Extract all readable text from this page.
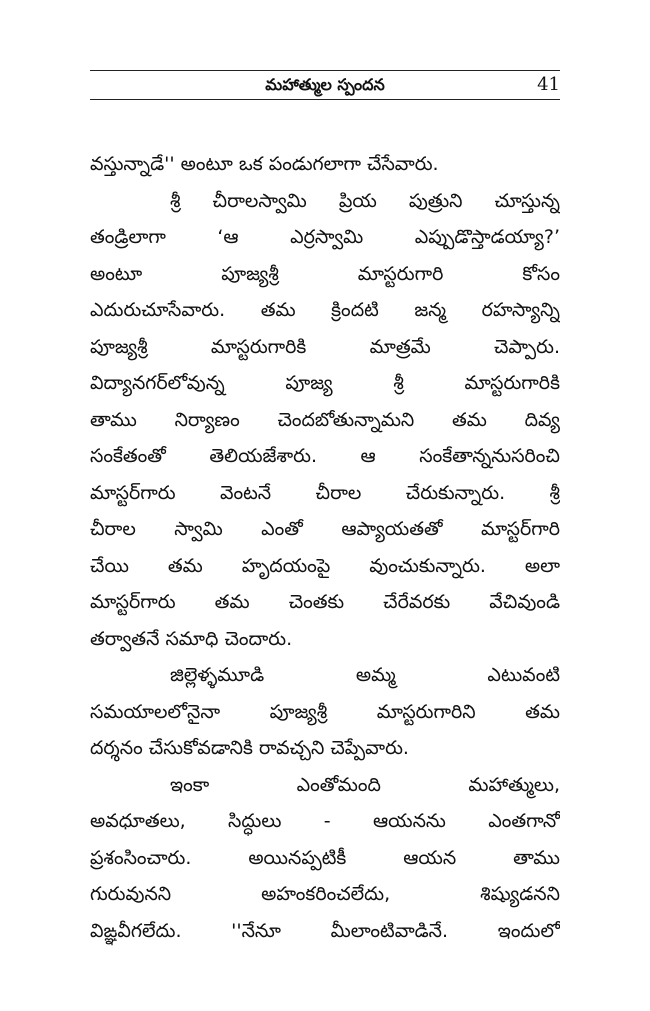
మహాత్ముల స్పందన	41
వస్తున్నాడే'' అంటూ ఒక పండుగలాగా చేసేవారు.
శ్రీ చీరాలస్వామి ప్రియ పుత్రుని చూస్తున్న
తండ్రిలాగా ‘ఆ ఎర్రస్వామి ఎప్పుడొస్తాడయ్యా?’
అంటూ పూజ్యశ్రీ మాస్టరుగారి కోసం
ఎదురుచూసేవారు. తమ క్రిందటి జన్మ రహస్యాన్ని
పూజ్యశ్రీ మాస్టరుగారికి మాత్రమే చెప్పారు.
విద్యానగర్‌లోవున్న పూజ్య శ్రీ మాస్టరుగారికి
తాము నిర్యాణం చెందబోతున్నామని తమ దివ్య
సంకేతంతో తెలియజేశారు. ఆ సంకేతాన్ననుసరించి
మాస్టర్‌గారు వెంటనే చీరాల చేరుకున్నారు. శ్రీ
చీరాల స్వామి ఎంతో ఆప్యాయతతో మాస్టర్‌గారి
చేయి తమ హృదయంపై వుంచుకున్నారు. అలా
మాస్టర్‌గారు తమ చెంతకు చేరేవరకు వేచివుండి
తర్వాతనే సమాధి చెందారు.
జిల్లెళ్ళమూడి అమ్మ ఎటువంటి
సమయాలలోనైనా పూజ్యశ్రీ మాస్టరుగారిని తమ
దర్శనం చేసుకోవడానికి రావచ్చని చెప్పేవారు.
ఇంకా ఎంతోమంది మహాత్ములు,
అవధూతలు, సిద్ధులు - ఆయనను ఎంతగానో
ప్రశంసించారు. అయినప్పటికీ ఆయన తాము
గురువునని అహంకరించలేదు, శిష్యుడనని
విఙ్ఞవీగలేదు. ''నేనూ మీలాంటివాడినే. ఇందులో
